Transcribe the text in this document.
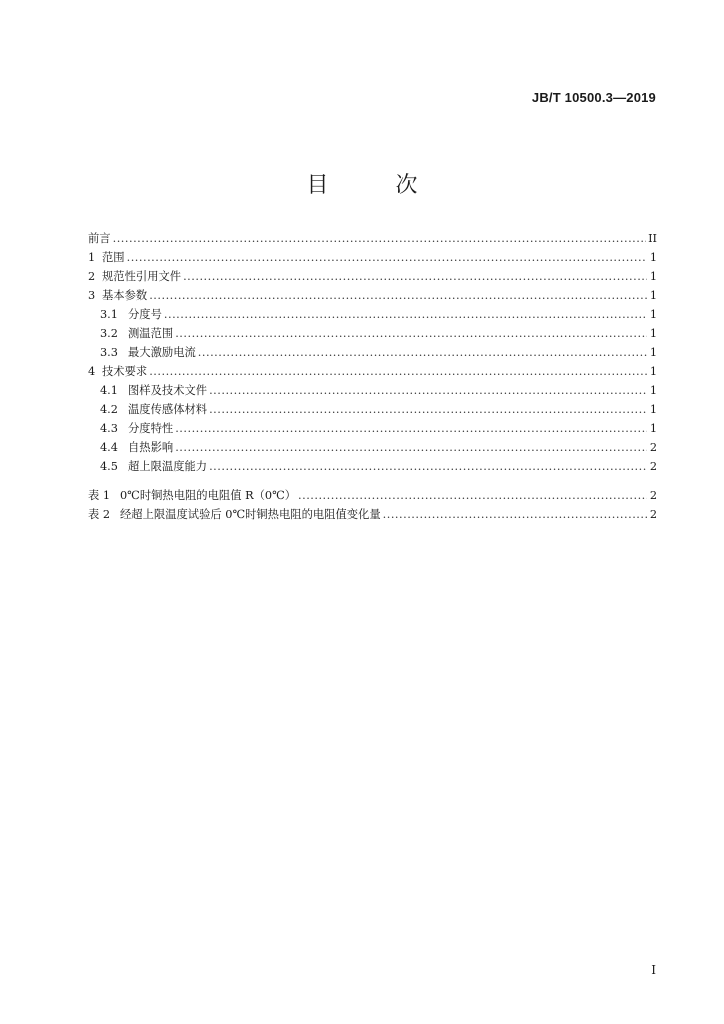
JB/T 10500.3—2019
目 次
前言 .....	II
1 范围 .....	1
2 规范性引用文件 .....	1
3 基本参数 .....	1
3.1 分度号 .....	1
3.2 测温范围 .....	1
3.3 最大激励电流 .....	1
4 技术要求 .....	1
4.1 图样及技术文件 .....	1
4.2 温度传感体材料 .....	1
4.3 分度特性 .....	1
4.4 自热影响 .....	2
4.5 超上限温度能力 .....	2
表 1 0℃时铜热电阻的电阻值 R（0℃） .....	2
表 2 经超上限温度试验后 0℃时铜热电阻的电阻值变化量 .....	2
I
